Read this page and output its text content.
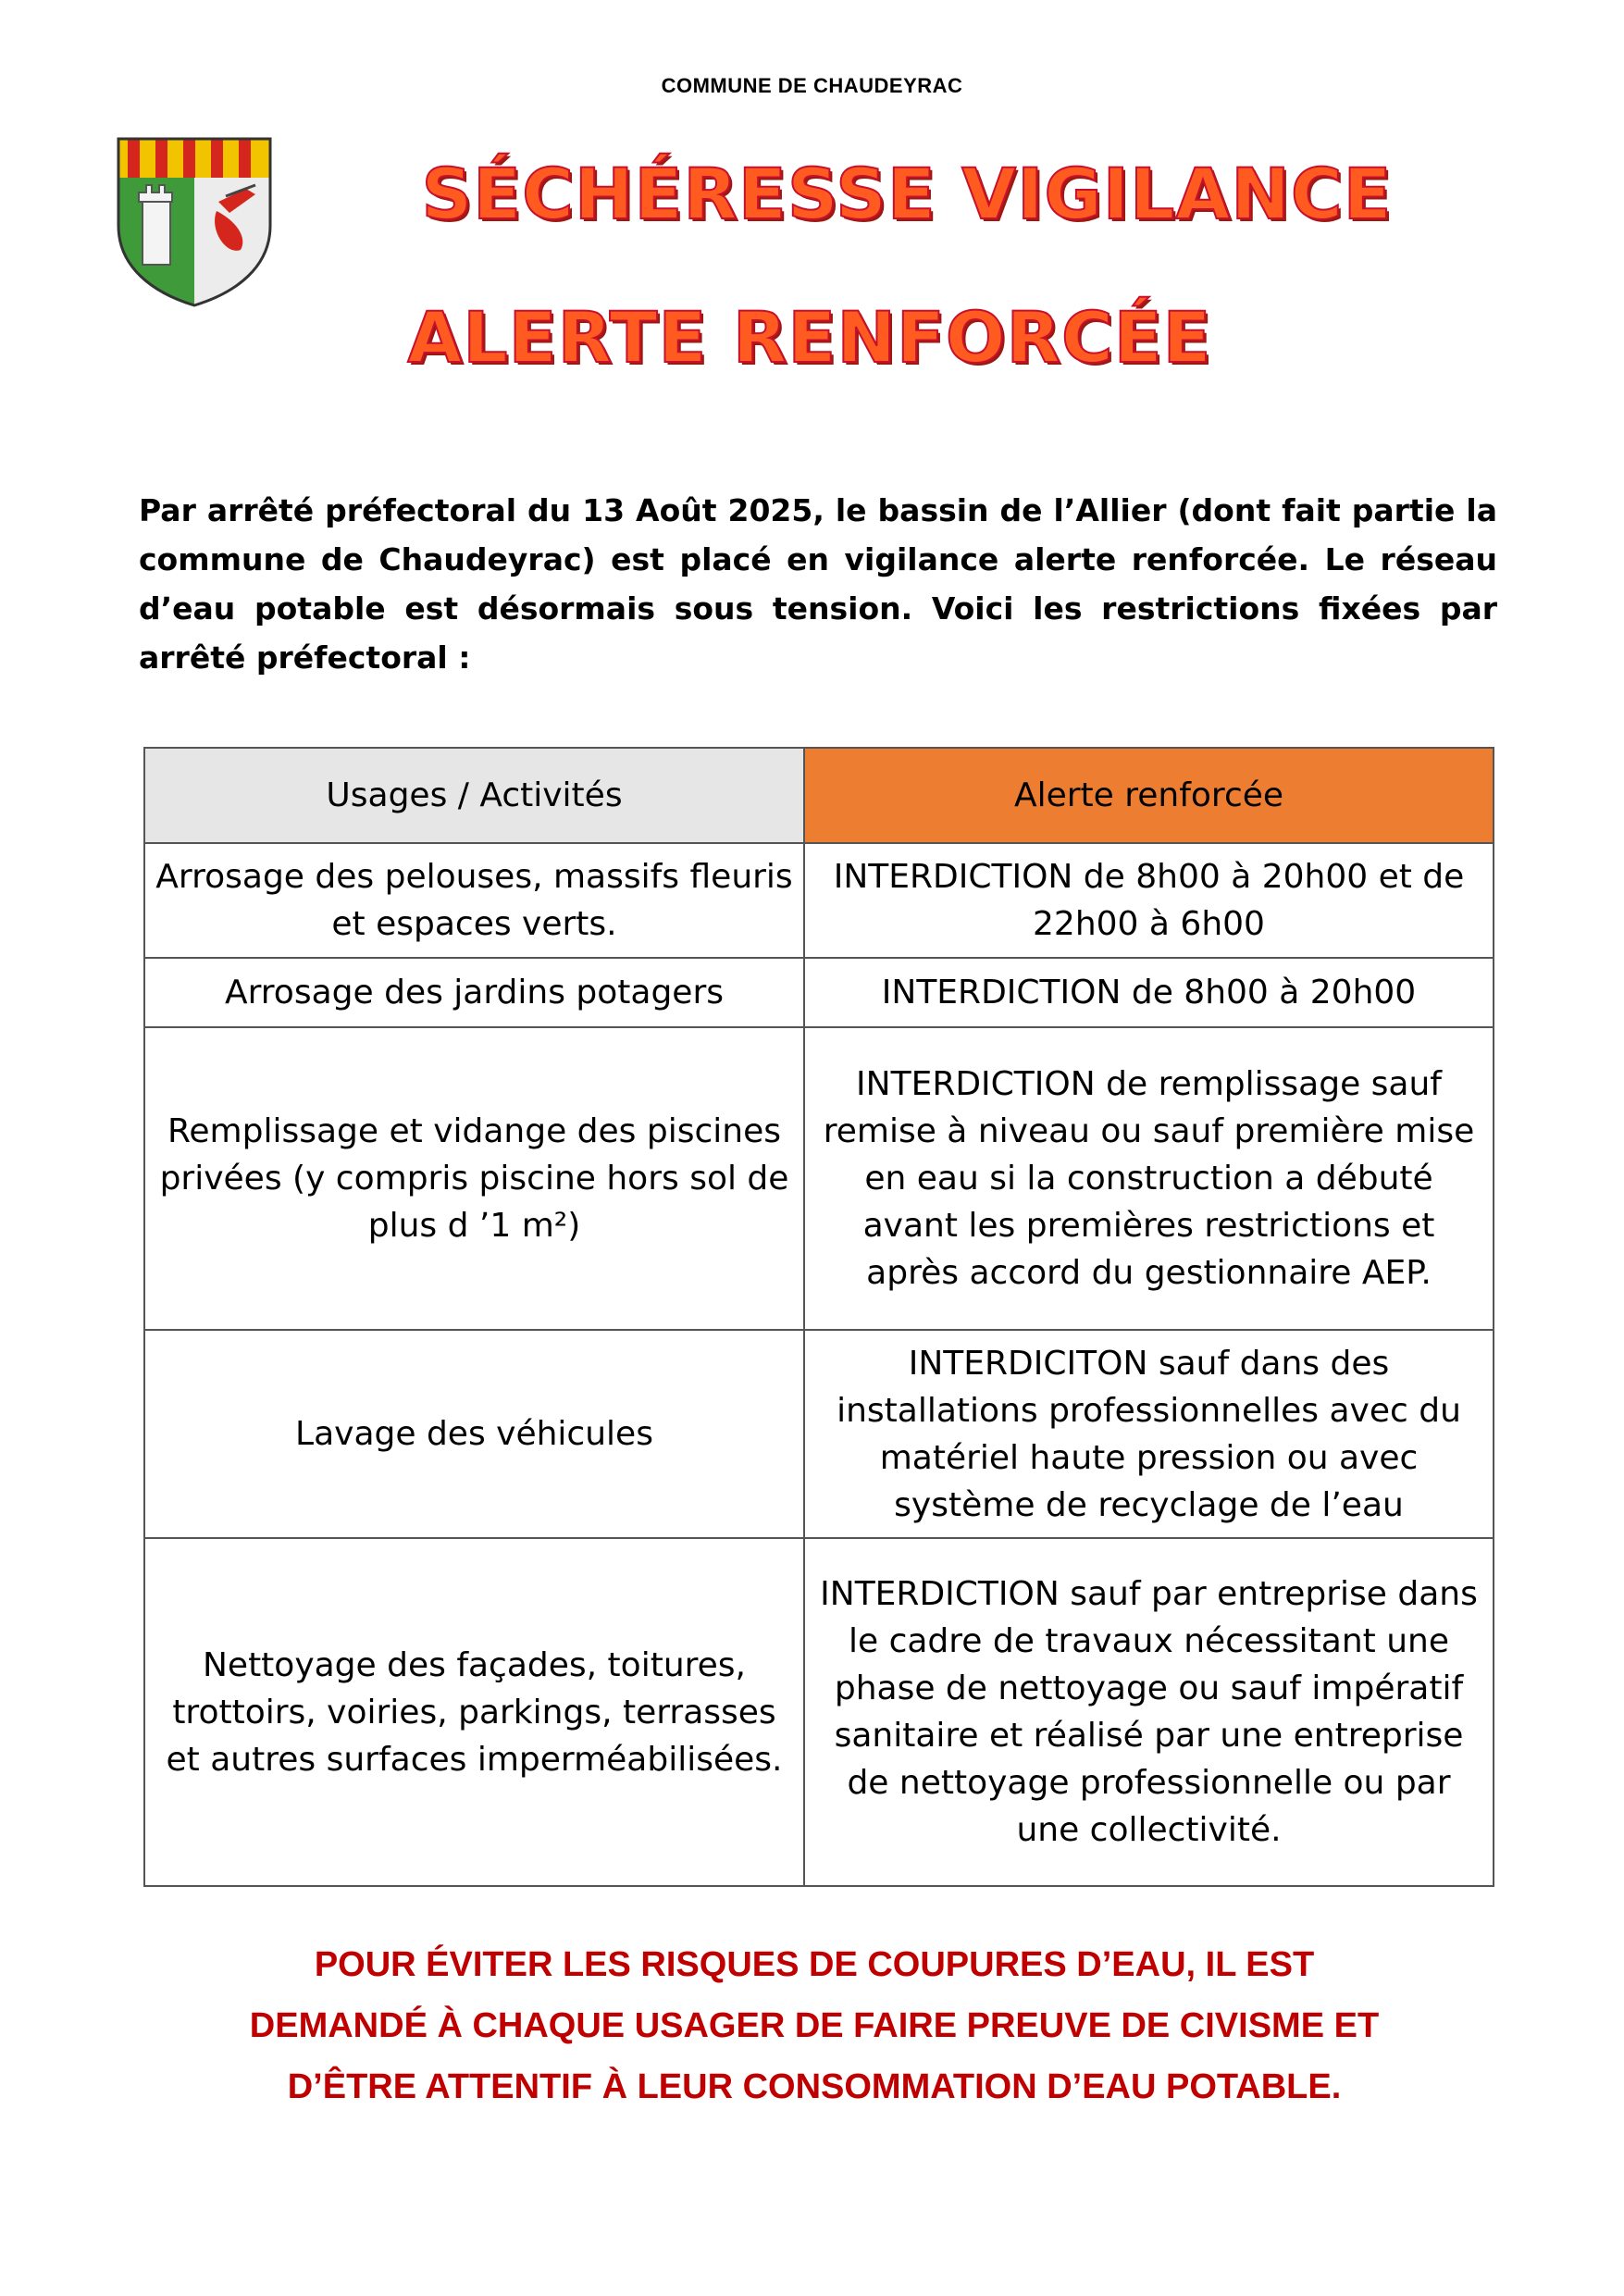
COMMUNE DE CHAUDEYRAC
SÉCHÉRESSE VIGILANCE
ALERTE RENFORCÉE
Par arrêté préfectoral du 13 Août 2025, le bassin de l’Allier (dont fait partie la commune de Chaudeyrac) est placé en vigilance alerte renforcée. Le réseau d’eau potable est désormais sous tension. Voici les restrictions fixées par arrêté préfectoral :
Usages / Activités	Alerte renforcée
Arrosage des pelouses, massifs fleuris et espaces verts.	INTERDICTION de 8h00 à 20h00 et de 22h00 à 6h00
Arrosage des jardins potagers	INTERDICTION de 8h00 à 20h00
Remplissage et vidange des piscines privées (y compris piscine hors sol de plus d ’1 m²)	INTERDICTION de remplissage sauf remise à niveau ou sauf première mise en eau si la construction a débuté avant les premières restrictions et après accord du gestionnaire AEP.
Lavage des véhicules	INTERDICITON sauf dans des installations professionnelles avec du matériel haute pression ou avec système de recyclage de l’eau
Nettoyage des façades, toitures, trottoirs, voiries, parkings, terrasses et autres surfaces imperméabilisées.	INTERDICTION sauf par entreprise dans le cadre de travaux nécessitant une phase de nettoyage ou sauf impératif sanitaire et réalisé par une entreprise de nettoyage professionnelle ou par une collectivité.
POUR ÉVITER LES RISQUES DE COUPURES D’EAU, IL EST
DEMANDÉ À CHAQUE USAGER DE FAIRE PREUVE DE CIVISME ET
D’ÊTRE ATTENTIF À LEUR CONSOMMATION D’EAU POTABLE.
